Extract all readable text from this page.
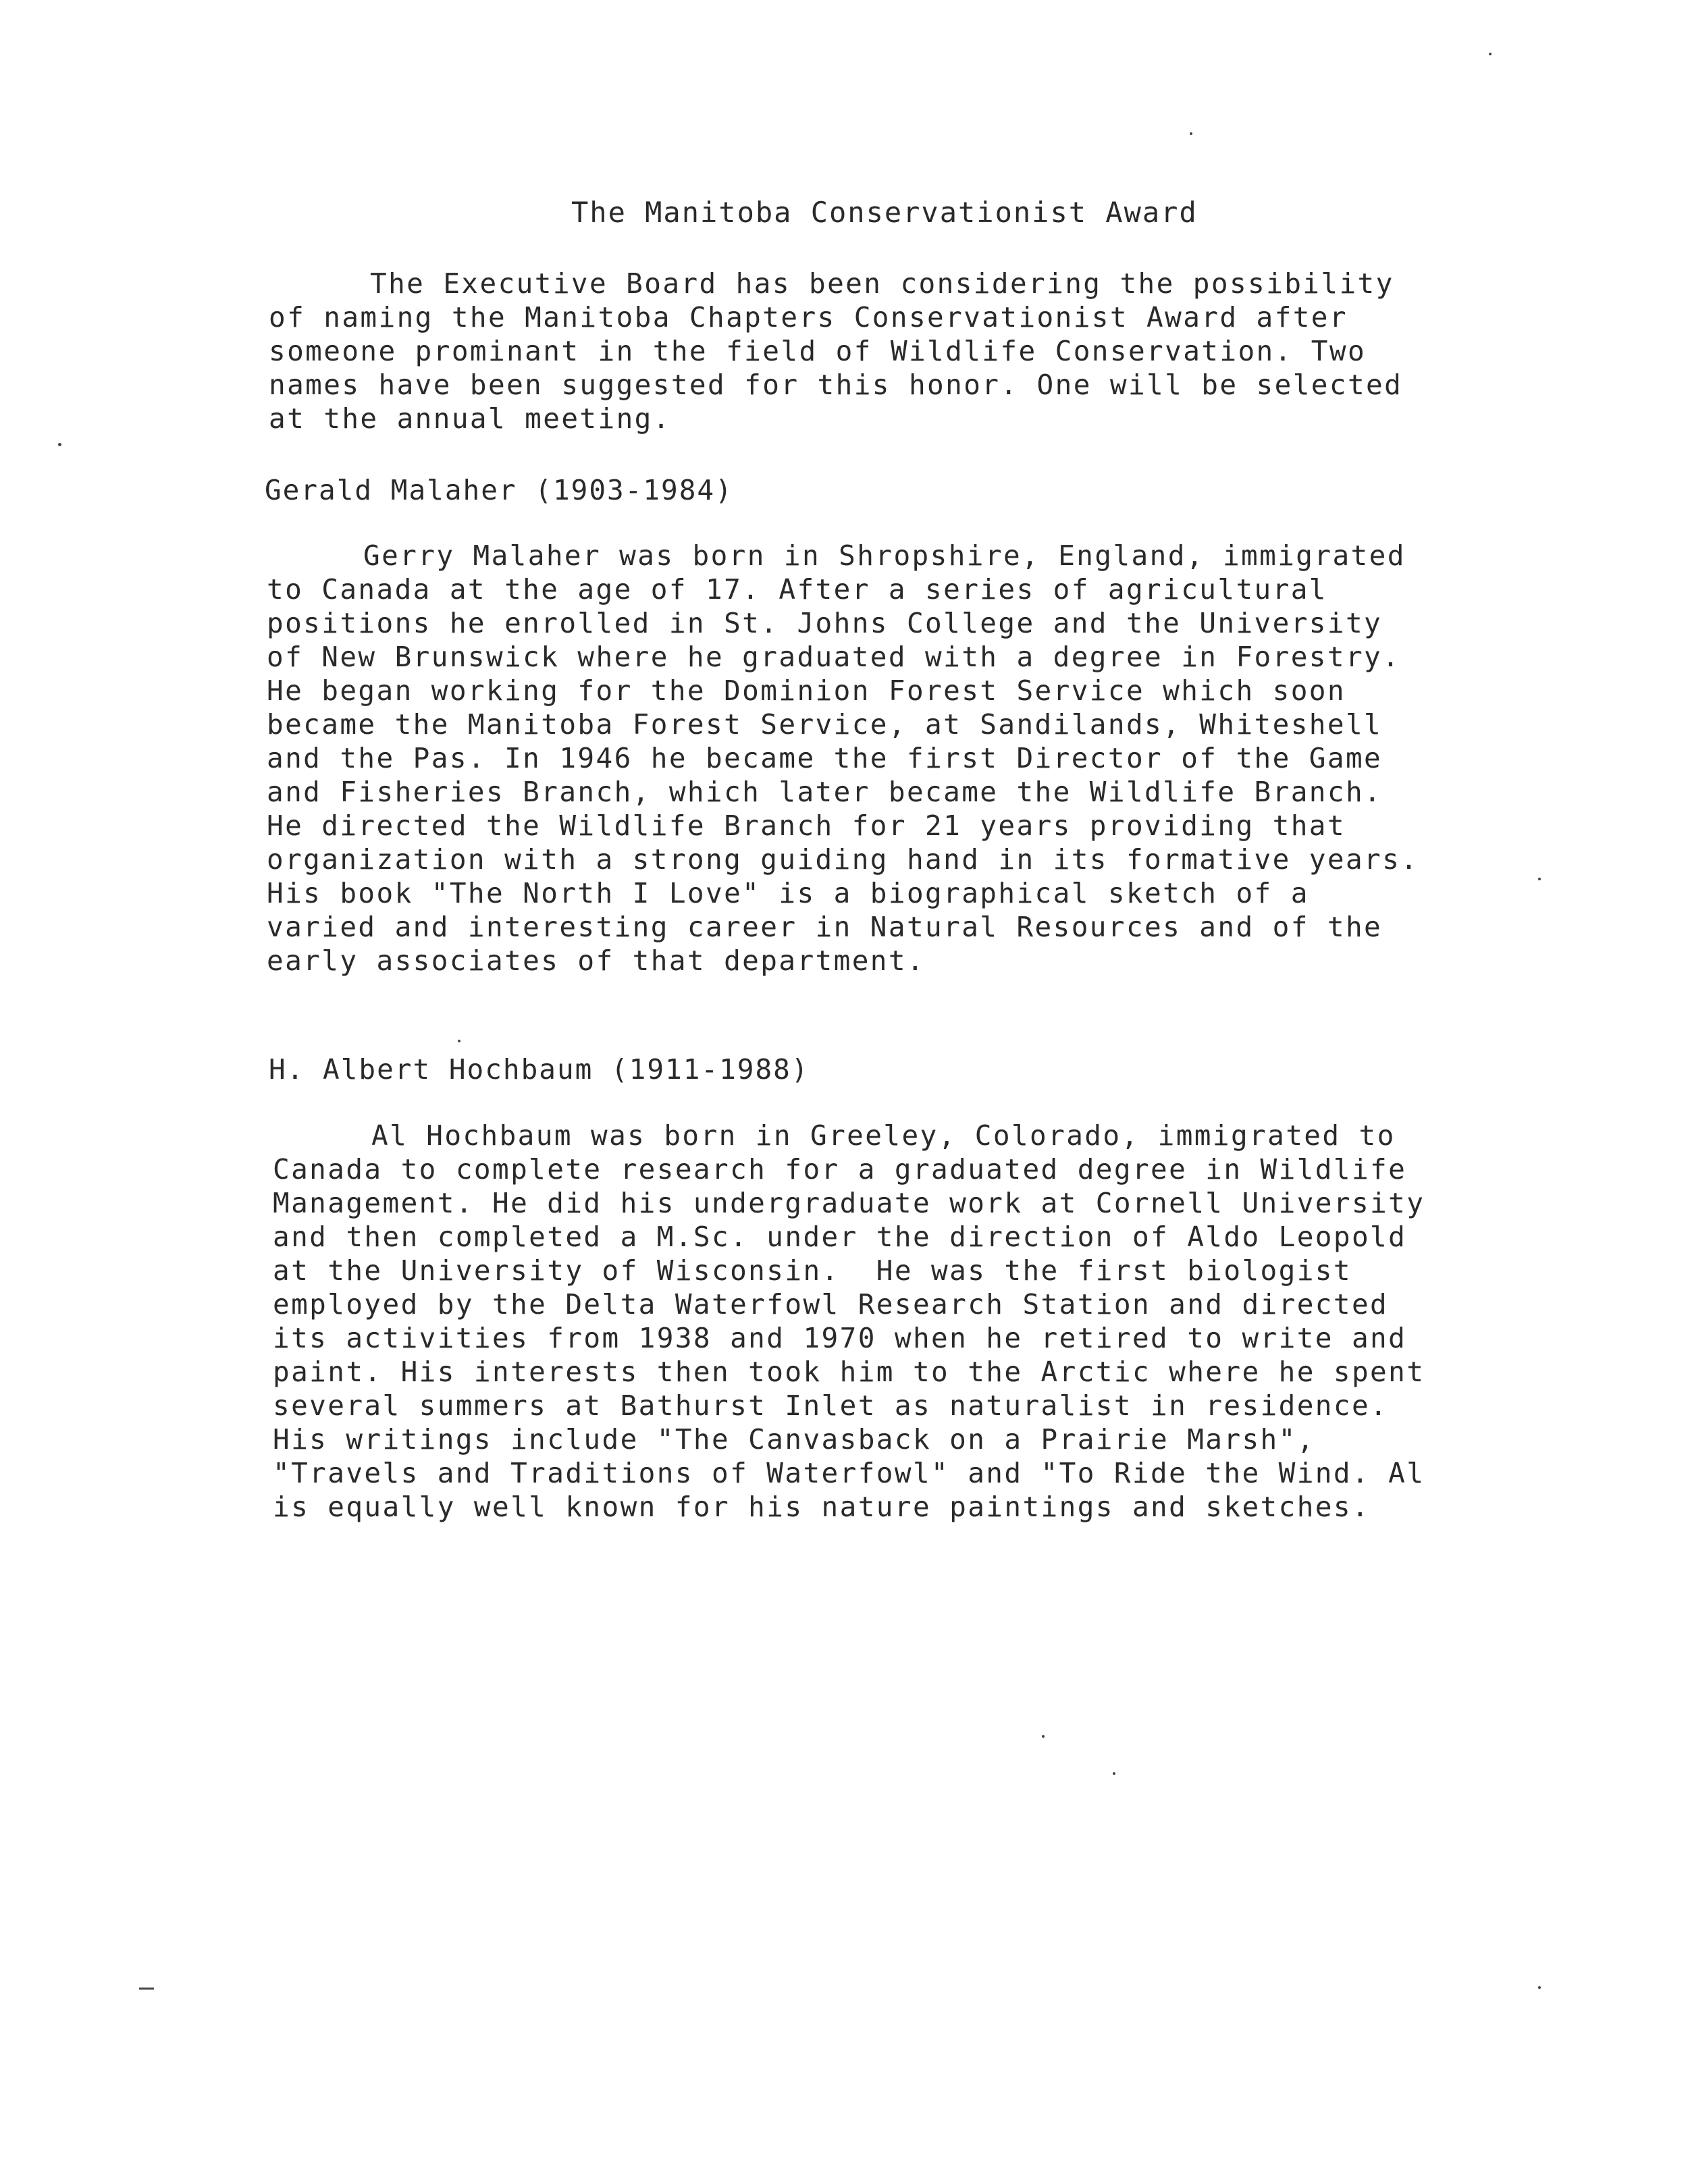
The Manitoba Conservationist Award
The Executive Board has been considering the possibility
of naming the Manitoba Chapters Conservationist Award after
someone prominant in the field of Wildlife Conservation. Two
names have been suggested for this honor. One will be selected
at the annual meeting.
Gerald Malaher (1903-1984)
Gerry Malaher was born in Shropshire, England, immigrated
to Canada at the age of 17. After a series of agricultural
positions he enrolled in St. Johns College and the University
of New Brunswick where he graduated with a degree in Forestry.
He began working for the Dominion Forest Service which soon
became the Manitoba Forest Service, at Sandilands, Whiteshell
and the Pas. In 1946 he became the first Director of the Game
and Fisheries Branch, which later became the Wildlife Branch.
He directed the Wildlife Branch for 21 years providing that
organization with a strong guiding hand in its formative years.
His book "The North I Love" is a biographical sketch of a
varied and interesting career in Natural Resources and of the
early associates of that department.
H. Albert Hochbaum (1911-1988)
Al Hochbaum was born in Greeley, Colorado, immigrated to
Canada to complete research for a graduated degree in Wildlife
Management. He did his undergraduate work at Cornell University
and then completed a M.Sc. under the direction of Aldo Leopold
at the University of Wisconsin.  He was the first biologist
employed by the Delta Waterfowl Research Station and directed
its activities from 1938 and 1970 when he retired to write and
paint. His interests then took him to the Arctic where he spent
several summers at Bathurst Inlet as naturalist in residence.
His writings include "The Canvasback on a Prairie Marsh",
"Travels and Traditions of Waterfowl" and "To Ride the Wind. Al
is equally well known for his nature paintings and sketches.
